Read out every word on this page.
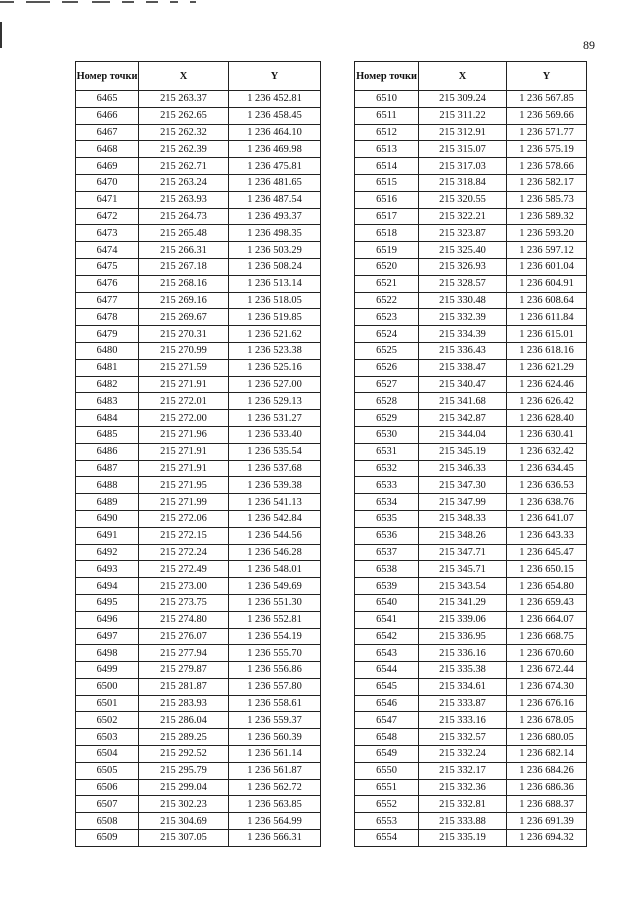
89
Номер точки	X	Y
6465	215 263.37	1 236 452.81
6466	215 262.65	1 236 458.45
6467	215 262.32	1 236 464.10
6468	215 262.39	1 236 469.98
6469	215 262.71	1 236 475.81
6470	215 263.24	1 236 481.65
6471	215 263.93	1 236 487.54
6472	215 264.73	1 236 493.37
6473	215 265.48	1 236 498.35
6474	215 266.31	1 236 503.29
6475	215 267.18	1 236 508.24
6476	215 268.16	1 236 513.14
6477	215 269.16	1 236 518.05
6478	215 269.67	1 236 519.85
6479	215 270.31	1 236 521.62
6480	215 270.99	1 236 523.38
6481	215 271.59	1 236 525.16
6482	215 271.91	1 236 527.00
6483	215 272.01	1 236 529.13
6484	215 272.00	1 236 531.27
6485	215 271.96	1 236 533.40
6486	215 271.91	1 236 535.54
6487	215 271.91	1 236 537.68
6488	215 271.95	1 236 539.38
6489	215 271.99	1 236 541.13
6490	215 272.06	1 236 542.84
6491	215 272.15	1 236 544.56
6492	215 272.24	1 236 546.28
6493	215 272.49	1 236 548.01
6494	215 273.00	1 236 549.69
6495	215 273.75	1 236 551.30
6496	215 274.80	1 236 552.81
6497	215 276.07	1 236 554.19
6498	215 277.94	1 236 555.70
6499	215 279.87	1 236 556.86
6500	215 281.87	1 236 557.80
6501	215 283.93	1 236 558.61
6502	215 286.04	1 236 559.37
6503	215 289.25	1 236 560.39
6504	215 292.52	1 236 561.14
6505	215 295.79	1 236 561.87
6506	215 299.04	1 236 562.72
6507	215 302.23	1 236 563.85
6508	215 304.69	1 236 564.99
6509	215 307.05	1 236 566.31
Номер точки	X	Y
6510	215 309.24	1 236 567.85
6511	215 311.22	1 236 569.66
6512	215 312.91	1 236 571.77
6513	215 315.07	1 236 575.19
6514	215 317.03	1 236 578.66
6515	215 318.84	1 236 582.17
6516	215 320.55	1 236 585.73
6517	215 322.21	1 236 589.32
6518	215 323.87	1 236 593.20
6519	215 325.40	1 236 597.12
6520	215 326.93	1 236 601.04
6521	215 328.57	1 236 604.91
6522	215 330.48	1 236 608.64
6523	215 332.39	1 236 611.84
6524	215 334.39	1 236 615.01
6525	215 336.43	1 236 618.16
6526	215 338.47	1 236 621.29
6527	215 340.47	1 236 624.46
6528	215 341.68	1 236 626.42
6529	215 342.87	1 236 628.40
6530	215 344.04	1 236 630.41
6531	215 345.19	1 236 632.42
6532	215 346.33	1 236 634.45
6533	215 347.30	1 236 636.53
6534	215 347.99	1 236 638.76
6535	215 348.33	1 236 641.07
6536	215 348.26	1 236 643.33
6537	215 347.71	1 236 645.47
6538	215 345.71	1 236 650.15
6539	215 343.54	1 236 654.80
6540	215 341.29	1 236 659.43
6541	215 339.06	1 236 664.07
6542	215 336.95	1 236 668.75
6543	215 336.16	1 236 670.60
6544	215 335.38	1 236 672.44
6545	215 334.61	1 236 674.30
6546	215 333.87	1 236 676.16
6547	215 333.16	1 236 678.05
6548	215 332.57	1 236 680.05
6549	215 332.24	1 236 682.14
6550	215 332.17	1 236 684.26
6551	215 332.36	1 236 686.36
6552	215 332.81	1 236 688.37
6553	215 333.88	1 236 691.39
6554	215 335.19	1 236 694.32
